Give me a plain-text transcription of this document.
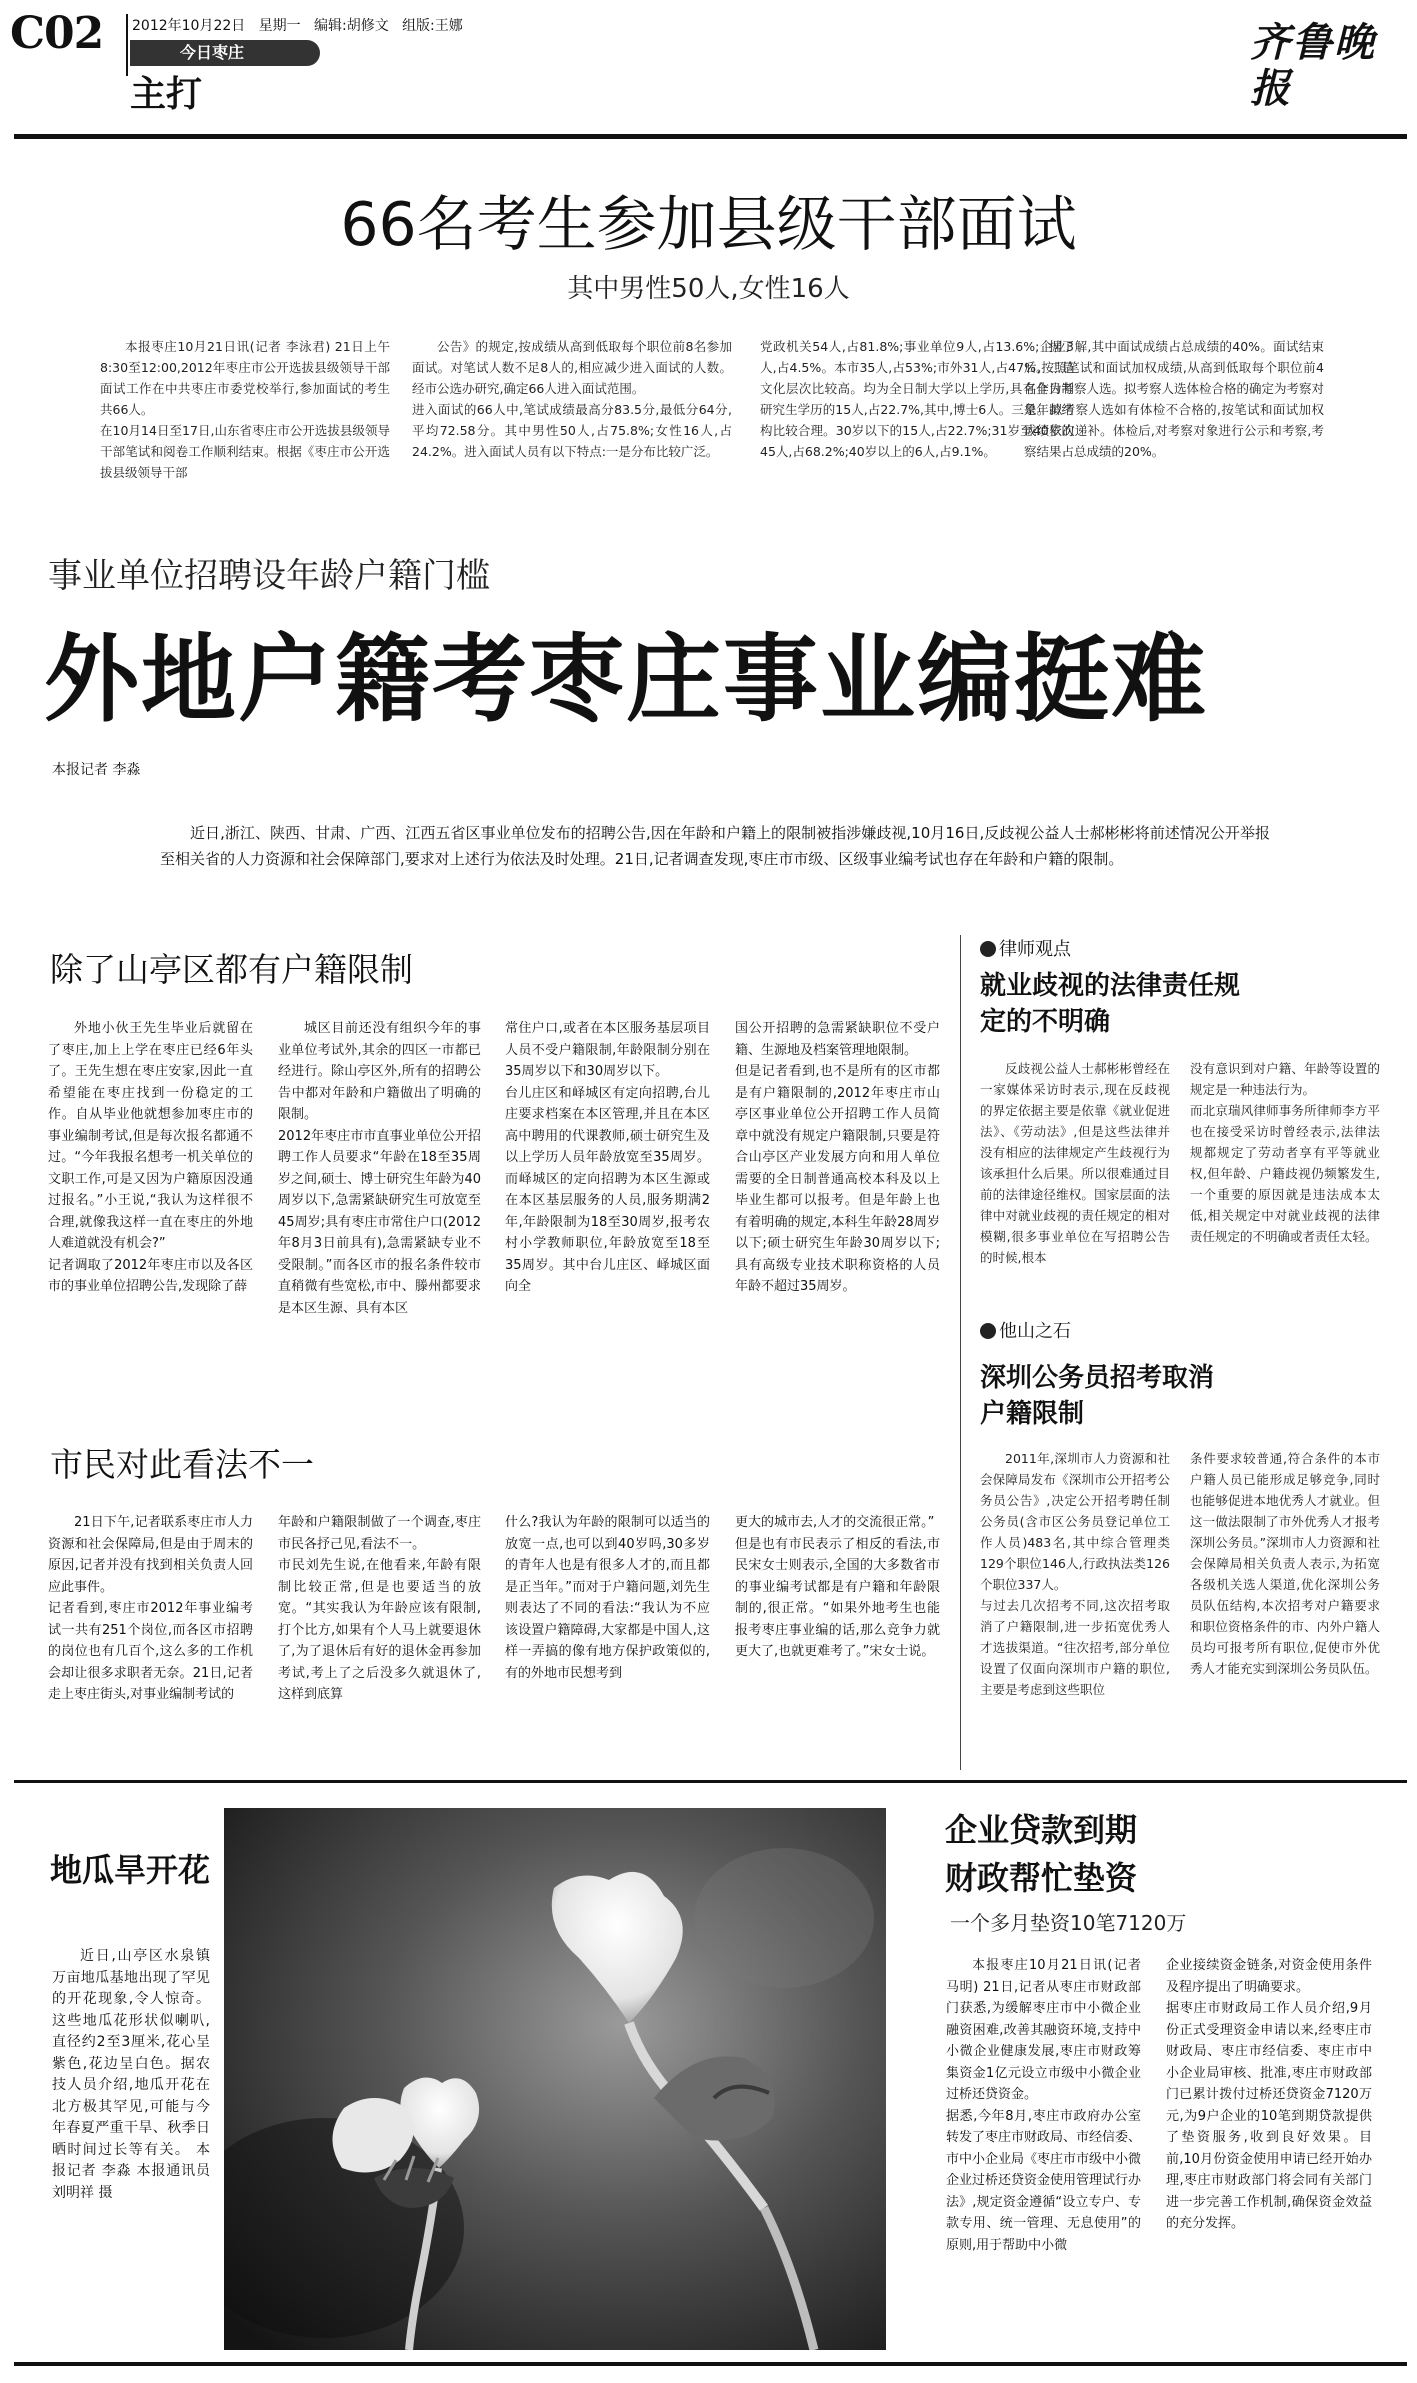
C02 2012年10月22日 星期一 编辑:胡修文 组版:王娜
今日枣庄
主打
齐鲁晚报
66名考生参加县级干部面试
其中男性50人,女性16人
本报枣庄10月21日讯(记者 李泳君) 21日上午8:30至12:00,2012年枣庄市公开选拔县级领导干部面试工作在中共枣庄市委党校举行,参加面试的考生共66人。
在10月14日至17日,山东省枣庄市公开选拔县级领导干部笔试和阅卷工作顺利结束。根据《枣庄市公开选拔县级领导干部
公告》的规定,按成绩从高到低取每个职位前8名参加面试。对笔试人数不足8人的,相应减少进入面试的人数。经市公选办研究,确定66人进入面试范围。
进入面试的66人中,笔试成绩最高分83.5分,最低分64分,平均72.58分。其中男性50人,占75.8%;女性16人,占24.2%。进入面试人员有以下特点:一是分布比较广泛。
党政机关54人,占81.8%;事业单位9人,占13.6%;企业3人,占4.5%。本市35人,占53%;市外31人,占47%。二是文化层次比较高。均为全日制大学以上学历,具有全日制研究生学历的15人,占22.7%,其中,博士6人。三是年龄结构比较合理。30岁以下的15人,占22.7%;31岁至40岁的45人,占68.2%;40岁以上的6人,占9.1%。
据了解,其中面试成绩占总成绩的40%。面试结束后,按照笔试和面试加权成绩,从高到低取每个职位前4名作为考察人选。拟考察人选体检合格的确定为考察对象。拟考察人选如有体检不合格的,按笔试和面试加权成绩依次递补。体检后,对考察对象进行公示和考察,考察结果占总成绩的20%。
事业单位招聘设年龄户籍门槛
外地户籍考枣庄事业编挺难
本报记者 李淼
近日,浙江、陕西、甘肃、广西、江西五省区事业单位发布的招聘公告,因在年龄和户籍上的限制被指涉嫌歧视,10月16日,反歧视公益人士郝彬彬将前述情况公开举报至相关省的人力资源和社会保障部门,要求对上述行为依法及时处理。21日,记者调查发现,枣庄市市级、区级事业编考试也存在年龄和户籍的限制。
除了山亭区都有户籍限制
外地小伙王先生毕业后就留在了枣庄,加上上学在枣庄已经6年头了。王先生想在枣庄安家,因此一直希望能在枣庄找到一份稳定的工作。自从毕业他就想参加枣庄市的事业编制考试,但是每次报名都通不过。“今年我报名想考一机关单位的文职工作,可是又因为户籍原因没通过报名。”小王说,“我认为这样很不合理,就像我这样一直在枣庄的外地人难道就没有机会?”
记者调取了2012年枣庄市以及各区市的事业单位招聘公告,发现除了薛
城区目前还没有组织今年的事业单位考试外,其余的四区一市都已经进行。除山亭区外,所有的招聘公告中都对年龄和户籍做出了明确的限制。
2012年枣庄市市直事业单位公开招聘工作人员要求“年龄在18至35周岁之间,硕士、博士研究生年龄为40周岁以下,急需紧缺研究生可放宽至45周岁;具有枣庄市常住户口(2012年8月3日前具有),急需紧缺专业不受限制。”而各区市的报名条件较市直稍微有些宽松,市中、滕州都要求是本区生源、具有本区
常住户口,或者在本区服务基层项目人员不受户籍限制,年龄限制分别在35周岁以下和30周岁以下。
台儿庄区和峄城区有定向招聘,台儿庄要求档案在本区管理,并且在本区高中聘用的代课教师,硕士研究生及以上学历人员年龄放宽至35周岁。而峄城区的定向招聘为本区生源或在本区基层服务的人员,服务期满2年,年龄限制为18至30周岁,报考农村小学教师职位,年龄放宽至18至35周岁。其中台儿庄区、峄城区面向全
国公开招聘的急需紧缺职位不受户籍、生源地及档案管理地限制。
但是记者看到,也不是所有的区市都是有户籍限制的,2012年枣庄市山亭区事业单位公开招聘工作人员简章中就没有规定户籍限制,只要是符合山亭区产业发展方向和用人单位需要的全日制普通高校本科及以上毕业生都可以报考。但是年龄上也有着明确的规定,本科生年龄28周岁以下;硕士研究生年龄30周岁以下;具有高级专业技术职称资格的人员年龄不超过35周岁。
市民对此看法不一
21日下午,记者联系枣庄市人力资源和社会保障局,但是由于周末的原因,记者并没有找到相关负责人回应此事件。
记者看到,枣庄市2012年事业编考试一共有251个岗位,而各区市招聘的岗位也有几百个,这么多的工作机会却让很多求职者无奈。21日,记者走上枣庄街头,对事业编制考试的
年龄和户籍限制做了一个调查,枣庄市民各抒己见,看法不一。
市民刘先生说,在他看来,年龄有限制比较正常,但是也要适当的放宽。“其实我认为年龄应该有限制,打个比方,如果有个人马上就要退休了,为了退休后有好的退休金再参加考试,考上了之后没多久就退休了,这样到底算
什么?我认为年龄的限制可以适当的放宽一点,也可以到40岁吗,30多岁的青年人也是有很多人才的,而且都是正当年。”而对于户籍问题,刘先生则表达了不同的看法:“我认为不应该设置户籍障碍,大家都是中国人,这样一弄搞的像有地方保护政策似的,有的外地市民想考到
更大的城市去,人才的交流很正常。”
但是也有市民表示了相反的看法,市民宋女士则表示,全国的大多数省市的事业编考试都是有户籍和年龄限制的,很正常。“如果外地考生也能报考枣庄事业编的话,那么竞争力就更大了,也就更难考了。”宋女士说。
律师观点
就业歧视的法律责任规定的不明确
反歧视公益人士郝彬彬曾经在一家媒体采访时表示,现在反歧视的界定依据主要是依靠《就业促进法》、《劳动法》,但是这些法律并没有相应的法律规定产生歧视行为该承担什么后果。所以很难通过目前的法律途径维权。国家层面的法律中对就业歧视的责任规定的相对模糊,很多事业单位在写招聘公告的时候,根本
没有意识到对户籍、年龄等设置的规定是一种违法行为。
而北京瑞风律师事务所律师李方平也在接受采访时曾经表示,法律法规都规定了劳动者享有平等就业权,但年龄、户籍歧视仍频繁发生,一个重要的原因就是违法成本太低,相关规定中对就业歧视的法律责任规定的不明确或者责任太轻。
他山之石
深圳公务员招考取消户籍限制
2011年,深圳市人力资源和社会保障局发布《深圳市公开招考公务员公告》,决定公开招考聘任制公务员(含市区公务员登记单位工作人员)483名,其中综合管理类129个职位146人,行政执法类126个职位337人。
与过去几次招考不同,这次招考取消了户籍限制,进一步拓宽优秀人才选拔渠道。“往次招考,部分单位设置了仅面向深圳市户籍的职位,主要是考虑到这些职位
条件要求较普通,符合条件的本市户籍人员已能形成足够竞争,同时也能够促进本地优秀人才就业。但这一做法限制了市外优秀人才报考深圳公务员。”深圳市人力资源和社会保障局相关负责人表示,为拓宽各级机关选人渠道,优化深圳公务员队伍结构,本次招考对户籍要求和职位资格条件的市、内外户籍人员均可报考所有职位,促使市外优秀人才能充实到深圳公务员队伍。
地瓜旱开花
近日,山亭区水泉镇万亩地瓜基地出现了罕见的开花现象,令人惊奇。这些地瓜花形状似喇叭,直径约2至3厘米,花心呈紫色,花边呈白色。据农技人员介绍,地瓜开花在北方极其罕见,可能与今年春夏严重干旱、秋季日晒时间过长等有关。 本报记者 李淼 本报通讯员 刘明祥 摄
企业贷款到期
财政帮忙垫资
一个多月垫资10笔7120万
本报枣庄10月21日讯(记者 马明) 21日,记者从枣庄市财政部门获悉,为缓解枣庄市中小微企业融资困难,改善其融资环境,支持中小微企业健康发展,枣庄市财政筹集资金1亿元设立市级中小微企业过桥还贷资金。
据悉,今年8月,枣庄市政府办公室转发了枣庄市财政局、市经信委、市中小企业局《枣庄市市级中小微企业过桥还贷资金使用管理试行办法》,规定资金遵循“设立专户、专款专用、统一管理、无息使用”的原则,用于帮助中小微
企业接续资金链条,对资金使用条件及程序提出了明确要求。
据枣庄市财政局工作人员介绍,9月份正式受理资金申请以来,经枣庄市财政局、枣庄市经信委、枣庄市中小企业局审核、批准,枣庄市财政部门已累计拨付过桥还贷资金7120万元,为9户企业的10笔到期贷款提供了垫资服务,收到良好效果。目前,10月份资金使用申请已经开始办理,枣庄市财政部门将会同有关部门进一步完善工作机制,确保资金效益的充分发挥。
